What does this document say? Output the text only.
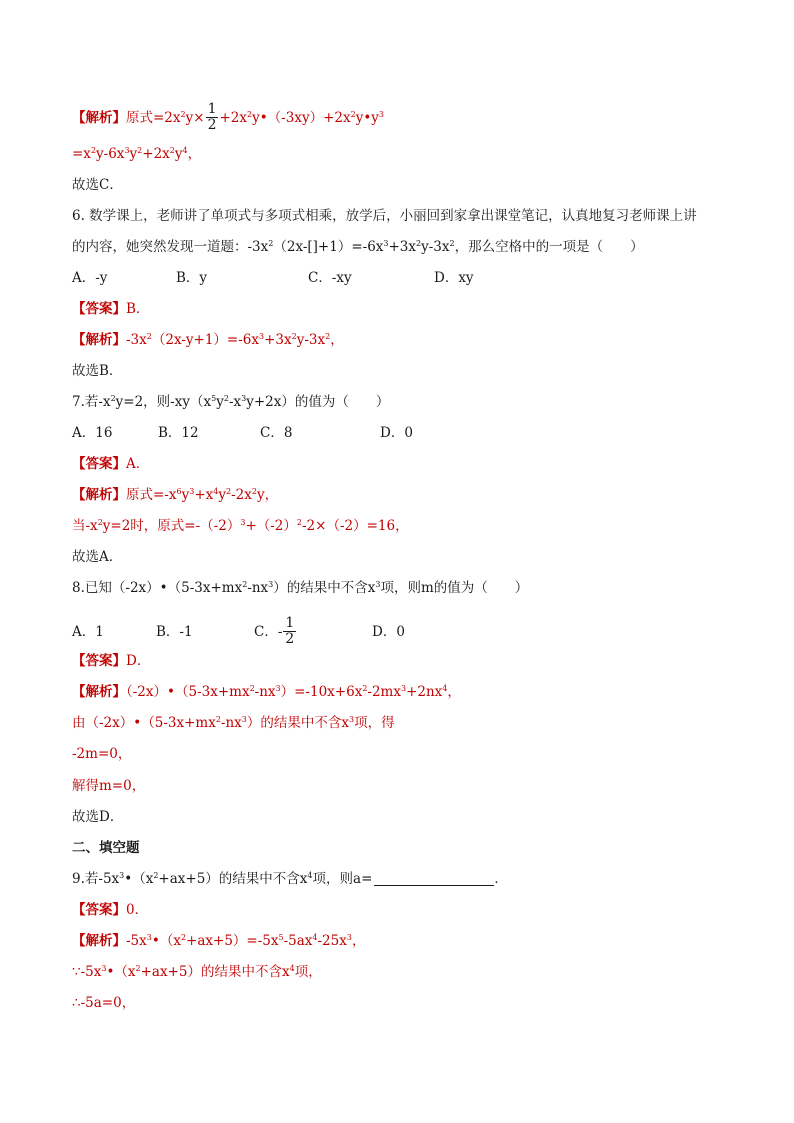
【解析】原式$=2x^2y\times \frac{1}{2}$ $+2x^2y•(-3xy)+2x^2y•y^3$
$=x^2y-6x^3y^2+2x^2y^4$，
故选C．
6. 数学课上，老师讲了单项式与多项式相乘，放学后，小丽回到家拿出课堂笔记，认真地复习老师课上讲
的内容，她突然发现一道题：$-3x^2(2x-[]+1)=-6x^3+3x^2y-3x^2$，那么空格中的一项是（　　）
A．-y	B．y	C．-xy	D．xy
【答案】B．
【解析】$-3x^2(2x-y+1)=-6x^3+3x^2y-3x^2$，
故选B．
7.若$-x^2y=2$，则$-xy(x^5y^2-x^3y+2x)$的值为（　　）
A．16	B．12	C．8	D．0
【答案】A．
【解析】原式$=-x^6y^3+x^4y^2-2x^2y$，
当$-x^2y=2$时，原式$=-(-2)^3+(-2)^2-2\times(-2)=16$，
故选A．
8.已知$(-2x)•(5-3x+mx^2-nx^3)$的结果中不含$x^3$项，则m的值为（　　）
A．1	B．-1	C．- $\frac{1}{2}$	D．0
【答案】D．
【解析】$(-2x)•(5-3x+mx^2-nx^3)=-10x+6x^2-2mx^3+2nx^4$，
由$(-2x)•(5-3x+mx^2-nx^3)$的结果中不含$x^3$项，得
-2m=0，
解得m=0，
故选D．
二、填空题
9.若$-5x^3•(x^2+ax+5)$的结果中不含$x^4$项，则a=	．
【答案】0．
【解析】$-5x^3•(x^2+ax+5)=-5x^5-5ax^4-25x^3$，
$\because-5x^3•(x^2+ax+5)$的结果中不含$x^4$项，
∴-5a=0，
